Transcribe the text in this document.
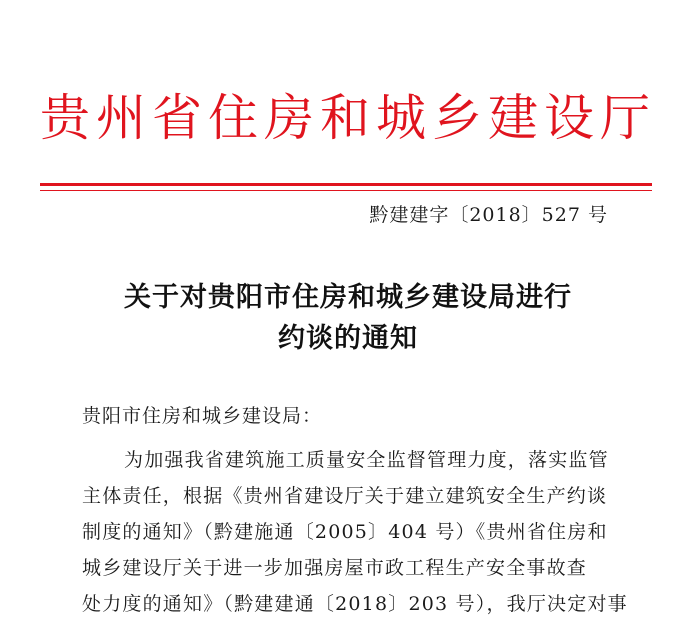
贵州省住房和城乡建设厅
黔建建字〔2018〕527 号
关于对贵阳市住房和城乡建设局进行
约谈的通知
贵阳市住房和城乡建设局：
为加强我省建筑施工质量安全监督管理力度，落实监管
主体责任，根据《贵州省建设厅关于建立建筑安全生产约谈
制度的通知》（黔建施通〔2005〕404 号）《贵州省住房和
城乡建设厅关于进一步加强房屋市政工程生产安全事故查
处力度的通知》（黔建建通〔2018〕203 号），我厅决定对事
